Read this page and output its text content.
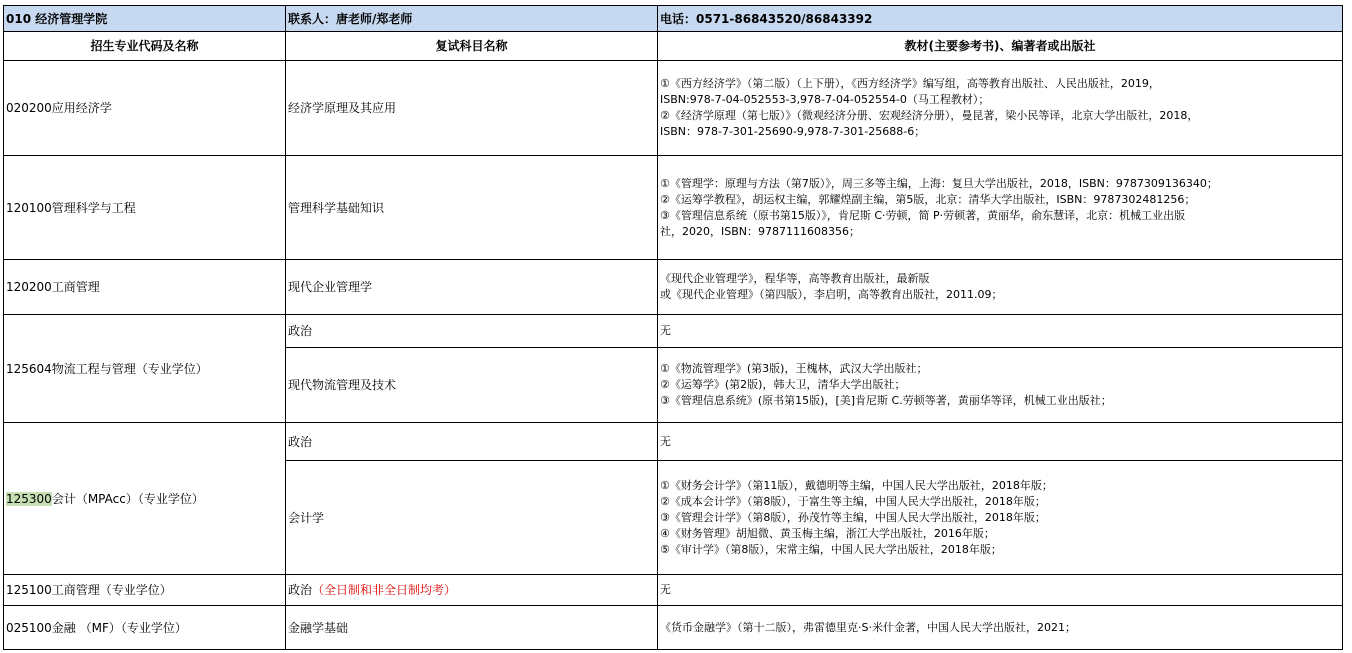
010 经济管理学院	联系人：唐老师/郑老师	电话：0571-86843520/86843392
招生专业代码及名称	复试科目名称	教材(主要参考书)、编著者或出版社
020200应用经济学	经济学原理及其应用	①《西方经济学》（第二版）（上下册），《西方经济学》编写组，高等教育出版社、人民出版社，2019，
ISBN:978-7-04-052553-3,978-7-04-052554-0（马工程教材）；
②《经济学原理（第七版）》（微观经济分册、宏观经济分册），曼昆著，梁小民等译，北京大学出版社，2018，
ISBN：978-7-301-25690-9,978-7-301-25688-6；

120100管理科学与工程	管理科学基础知识	①《管理学：原理与方法（第7版）》，周三多等主编，上海：复旦大学出版社，2018，ISBN：9787309136340；
②《运筹学教程》，胡运权主编，郭耀煌副主编，第5版，北京：清华大学出版社，ISBN：9787302481256；
③《管理信息系统（原书第15版）》，肯尼斯 C·劳顿，简 P·劳顿著，黄丽华，俞东慧译，北京：机械工业出版
社，2020，ISBN：9787111608356；

120200工商管理	现代企业管理学	《现代企业管理学》，程华等，高等教育出版社，最新版
或《现代企业管理》（第四版），李启明，高等教育出版社，2011.09；

125604物流工程与管理（专业学位）	政治	无
	现代物流管理及技术	①《物流管理学》(第3版)，王槐林，武汉大学出版社；
②《运筹学》(第2版)，韩大卫，清华大学出版社；
③《管理信息系统》(原书第15版)，[美]肯尼斯 C.劳顿等著，黄丽华等译，机械工业出版社；

125300会计（MPAcc）（专业学位）	政治	无
	会计学	①《财务会计学》（第11版），戴德明等主编，中国人民大学出版社，2018年版；
②《成本会计学》（第8版），于富生等主编，中国人民大学出版社，2018年版；
③《管理会计学》（第8版），孙茂竹等主编，中国人民大学出版社，2018年版；
④《财务管理》胡旭微、黄玉梅主编，浙江大学出版社，2016年版；
⑤《审计学》（第8版），宋常主编，中国人民大学出版社，2018年版；

125100工商管理（专业学位）	政治（全日制和非全日制均考）	无
025100金融 （MF）（专业学位）	金融学基础	《货币金融学》（第十二版），弗雷德里克·S·米什金著，中国人民大学出版社，2021；
